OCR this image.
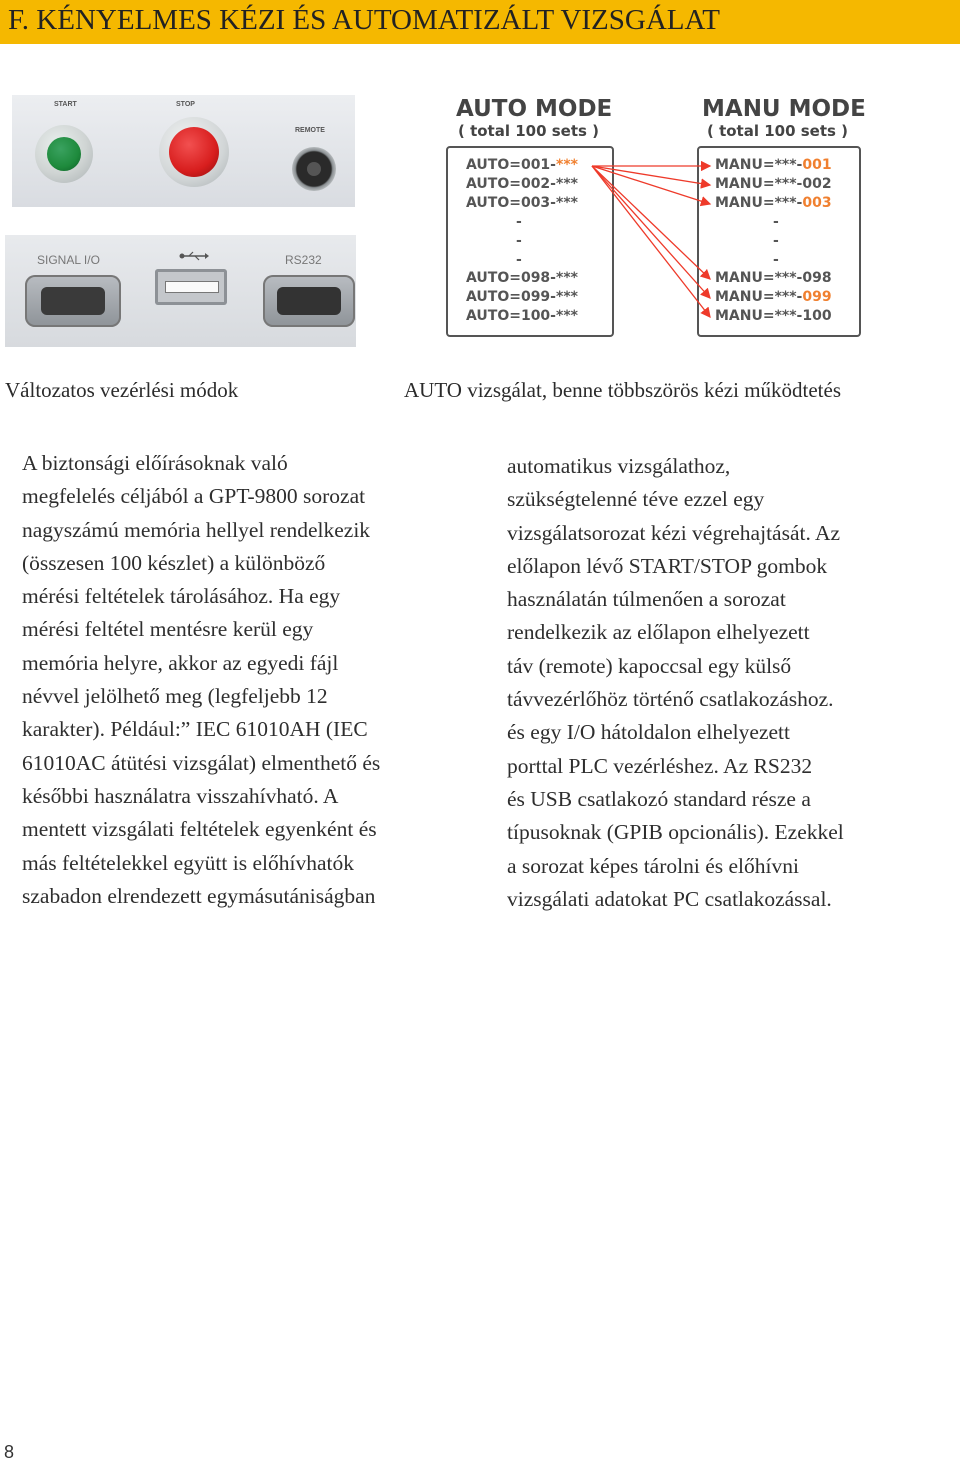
F. KÉNYELMES KÉZI ÉS AUTOMATIZÁLT VIZSGÁLAT
START	STOP
REMOTE
SIGNAL I/O	RS232
AUTO MODE
( total 100 sets )
MANU MODE
( total 100 sets )
AUTO=001-***
AUTO=002-***
AUTO=003-***
-
-
-
AUTO=098-***
AUTO=099-***
AUTO=100-***
MANU=***-001
MANU=***-002
MANU=***-003
-
-
-
MANU=***-098
MANU=***-099
MANU=***-100
Változatos vezérlési módok	AUTO vizsgálat, benne többszörös kézi működtetés
A biztonsági előírásoknak való
megfelelés céljából a GPT-9800 sorozat
nagyszámú memória hellyel rendelkezik
(összesen 100 készlet) a különböző
mérési feltételek tárolásához. Ha egy
mérési feltétel mentésre kerül egy
memória helyre, akkor az egyedi fájl
névvel jelölhető meg (legfeljebb 12
karakter). Például:” IEC 61010AH (IEC
61010AC átütési vizsgálat) elmenthető és
későbbi használatra visszahívható. A
mentett vizsgálati feltételek egyenként és
más feltételekkel együtt is előhívhatók
szabadon elrendezett egymásutániságban
automatikus vizsgálathoz,
szükségtelenné téve ezzel egy
vizsgálatsorozat kézi végrehajtását. Az
előlapon lévő START/STOP gombok
használatán túlmenően a sorozat
rendelkezik az előlapon elhelyezett
táv (remote) kapoccsal egy külső
távvezérlőhöz történő csatlakozáshoz.
és egy I/O hátoldalon elhelyezett
porttal PLC vezérléshez. Az RS232
és USB csatlakozó standard része a
típusoknak (GPIB opcionális). Ezekkel
a sorozat képes tárolni és előhívni
vizsgálati adatokat PC csatlakozással.
8
